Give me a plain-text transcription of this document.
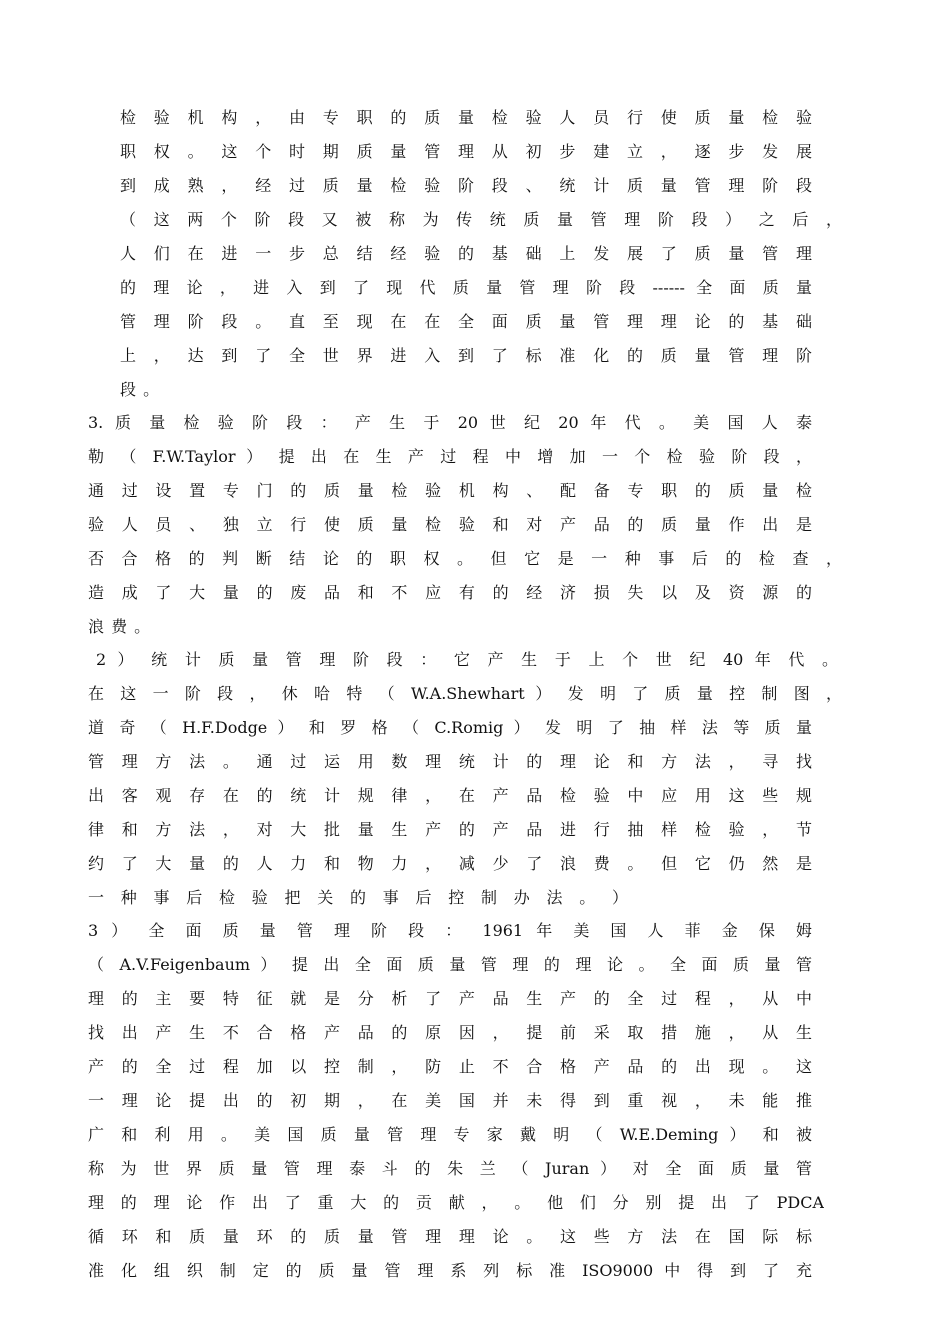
检 验 机 构 ， 由 专 职 的 质 量 检 验 人 员 行 使 质 量 检 验
职 权 。 这 个 时 期 质 量 管 理 从 初 步 建 立 ， 逐 步 发 展
到 成 熟 ， 经 过 质 量 检 验 阶 段 、 统 计 质 量 管 理 阶 段
（ 这 两 个 阶 段 又 被 称 为 传 统 质 量 管 理 阶 段 ） 之 后 ，
人 们 在 进 一 步 总 结 经 验 的 基 础 上 发 展 了 质 量 管 理
的 理 论 ， 进 入 到 了 现 代 质 量 管 理 阶 段 ------ 全 面 质 量
管 理 阶 段 。 直 至 现 在 在 全 面 质 量 管 理 理 论 的 基 础
上 ， 达 到 了 全 世 界 进 入 到 了 标 准 化 的 质 量 管 理 阶
段 。
3. 质 量 检 验 阶 段 ： 产 生 于 20 世 纪 20 年 代 。 美 国 人 泰
勒 （ F.W.Taylor ） 提 出 在 生 产 过 程 中 增 加 一 个 检 验 阶 段 ，
通 过 设 置 专 门 的 质 量 检 验 机 构 、 配 备 专 职 的 质 量 检
验 人 员 、 独 立 行 使 质 量 检 验 和 对 产 品 的 质 量 作 出 是
否 合 格 的 判 断 结 论 的 职 权 。 但 它 是 一 种 事 后 的 检 查 ，
造 成 了 大 量 的 废 品 和 不 应 有 的 经 济 损 失 以 及 资 源 的
浪 费 。
2 ） 统 计 质 量 管 理 阶 段 ： 它 产 生 于 上 个 世 纪 40 年 代 。
在 这 一 阶 段 ， 休 哈 特 （ W.A.Shewhart ） 发 明 了 质 量 控 制 图 ，
道 奇 （ H.F.Dodge ） 和 罗 格 （ C.Romig ） 发 明 了 抽 样 法 等 质 量
管 理 方 法 。 通 过 运 用 数 理 统 计 的 理 论 和 方 法 ， 寻 找
出 客 观 存 在 的 统 计 规 律 ， 在 产 品 检 验 中 应 用 这 些 规
律 和 方 法 ， 对 大 批 量 生 产 的 产 品 进 行 抽 样 检 验 ， 节
约 了 大 量 的 人 力 和 物 力 ， 减 少 了 浪 费 。 但 它 仍 然 是
一 种 事 后 检 验 把 关 的 事 后 控 制 办 法 。 ）
3 ） 全 面 质 量 管 理 阶 段 ： 1961 年 美 国 人 菲 金 保 姆
（ A.V.Feigenbaum ） 提 出 全 面 质 量 管 理 的 理 论 。 全 面 质 量 管
理 的 主 要 特 征 就 是 分 析 了 产 品 生 产 的 全 过 程 ， 从 中
找 出 产 生 不 合 格 产 品 的 原 因 ， 提 前 采 取 措 施 ， 从 生
产 的 全 过 程 加 以 控 制 ， 防 止 不 合 格 产 品 的 出 现 。 这
一 理 论 提 出 的 初 期 ， 在 美 国 并 未 得 到 重 视 ， 未 能 推
广 和 利 用 。 美 国 质 量 管 理 专 家 戴 明 （ W.E.Deming ） 和 被
称 为 世 界 质 量 管 理 泰 斗 的 朱 兰 （ Juran ） 对 全 面 质 量 管
理 的 理 论 作 出 了 重 大 的 贡 献 ， 。 他 们 分 别 提 出 了 PDCA
循 环 和 质 量 环 的 质 量 管 理 理 论 。 这 些 方 法 在 国 际 标
准 化 组 织 制 定 的 质 量 管 理 系 列 标 准 ISO9000 中 得 到 了 充
